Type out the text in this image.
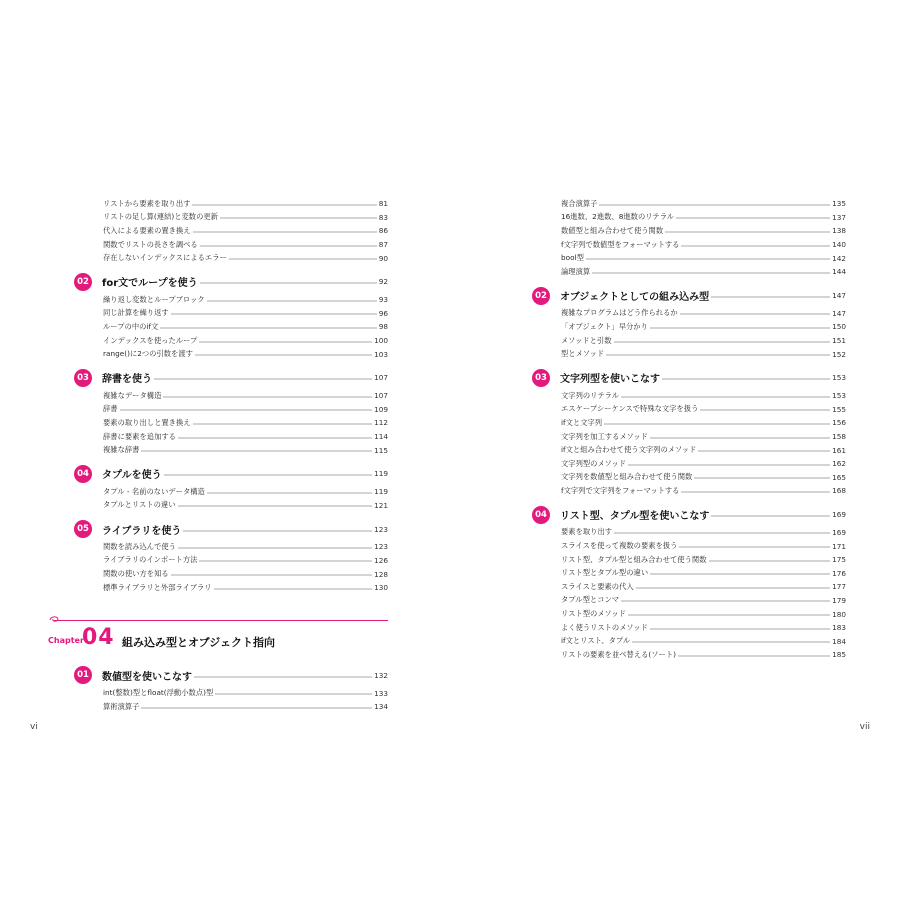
リストから要素を取り出す	81
リストの足し算(連結)と変数の更新	83
代入による要素の置き換え	86
関数でリストの長さを調べる	87
存在しないインデックスによるエラー	90
02	for文でループを使う	92
繰り返し変数とループブロック	93
同じ計算を繰り返す	96
ループの中のif文	98
インデックスを使ったループ	100
range()に2つの引数を渡す	103
03	辞書を使う	107
複雑なデータ構造	107
辞書	109
要素の取り出しと置き換え	112
辞書に要素を追加する	114
複雑な辞書	115
04	タプルを使う	119
タプル - 名前のないデータ構造	119
タプルとリストの違い	121
05	ライブラリを使う	123
関数を読み込んで使う	123
ライブラリのインポート方法	126
関数の使い方を知る	128
標準ライブラリと外部ライブラリ	130
Chapter
04 組み込み型とオブジェクト指向
01	数値型を使いこなす	132
int(整数)型とfloat(浮動小数点)型	133
算術演算子	134
複合演算子	135
16進数、2進数、8進数のリテラル	137
数値型と組み合わせて使う関数	138
f文字列で数値型をフォーマットする	140
bool型	142
論理演算	144
02	オブジェクトとしての組み込み型	147
複雑なプログラムはどう作られるか	147
「オブジェクト」早分かり	150
メソッドと引数	151
型とメソッド	152
03	文字列型を使いこなす	153
文字列のリテラル	153
エスケープシーケンスで特殊な文字を扱う	155
if文と文字列	156
文字列を加工するメソッド	158
if文と組み合わせて使う文字列のメソッド	161
文字列型のメソッド	162
文字列を数値型と組み合わせて使う関数	165
f文字列で文字列をフォーマットする	168
04	リスト型、タプル型を使いこなす	169
要素を取り出す	169
スライスを使って複数の要素を扱う	171
リスト型、タプル型と組み合わせて使う関数	175
リスト型とタプル型の違い	176
スライスと要素の代入	177
タプル型とコンマ	179
リスト型のメソッド	180
よく使うリストのメソッド	183
if文とリスト、タプル	184
リストの要素を並べ替える(ソート)	185
vi	vii
